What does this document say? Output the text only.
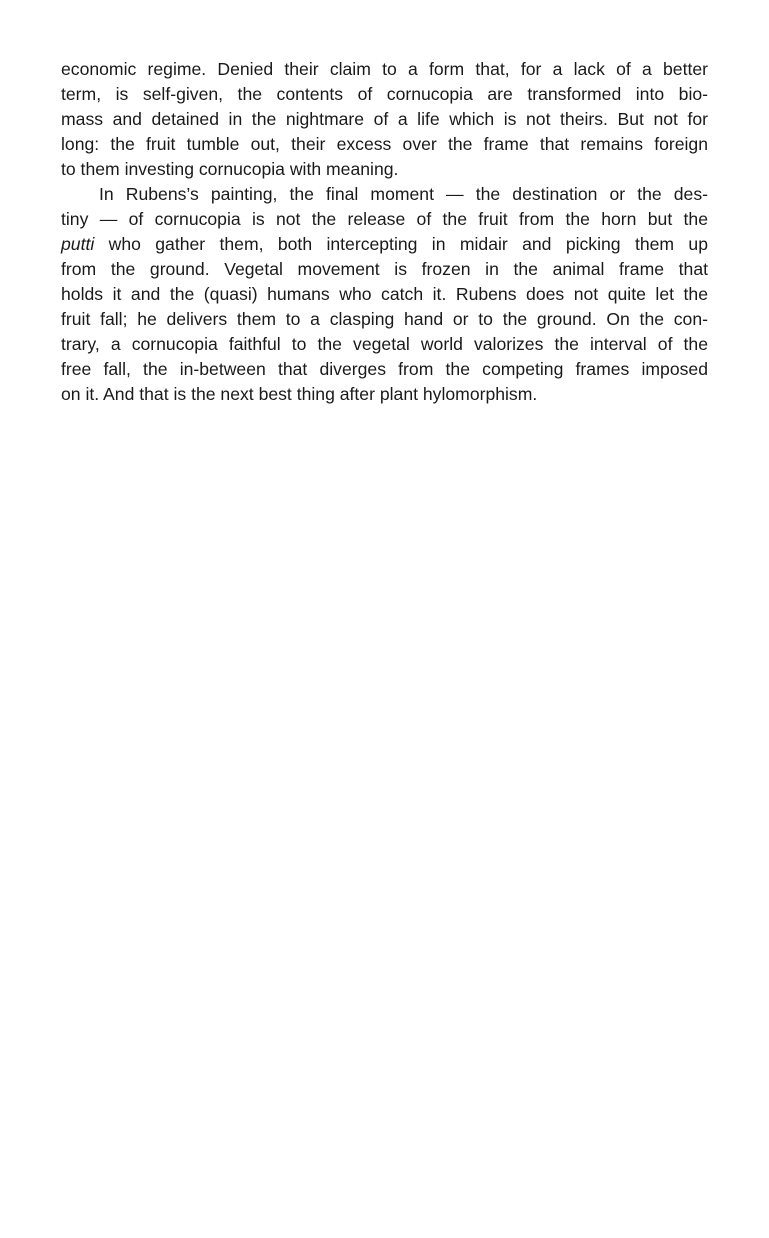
economic regime. Denied their claim to a form that, for a lack of a better
term, is self-given, the contents of cornucopia are transformed into bio-
mass and detained in the nightmare of a life which is not theirs. But not for
long: the fruit tumble out, their excess over the frame that remains foreign
to them investing cornucopia with meaning.
In Rubens’s painting, the final moment — the destination or the des-
tiny — of cornucopia is not the release of the fruit from the horn but the
putti who gather them, both intercepting in midair and picking them up
from the ground. Vegetal movement is frozen in the animal frame that
holds it and the (quasi) humans who catch it. Rubens does not quite let the
fruit fall; he delivers them to a clasping hand or to the ground. On the con-
trary, a cornucopia faithful to the vegetal world valorizes the interval of the
free fall, the in-between that diverges from the competing frames imposed
on it. And that is the next best thing after plant hylomorphism.
